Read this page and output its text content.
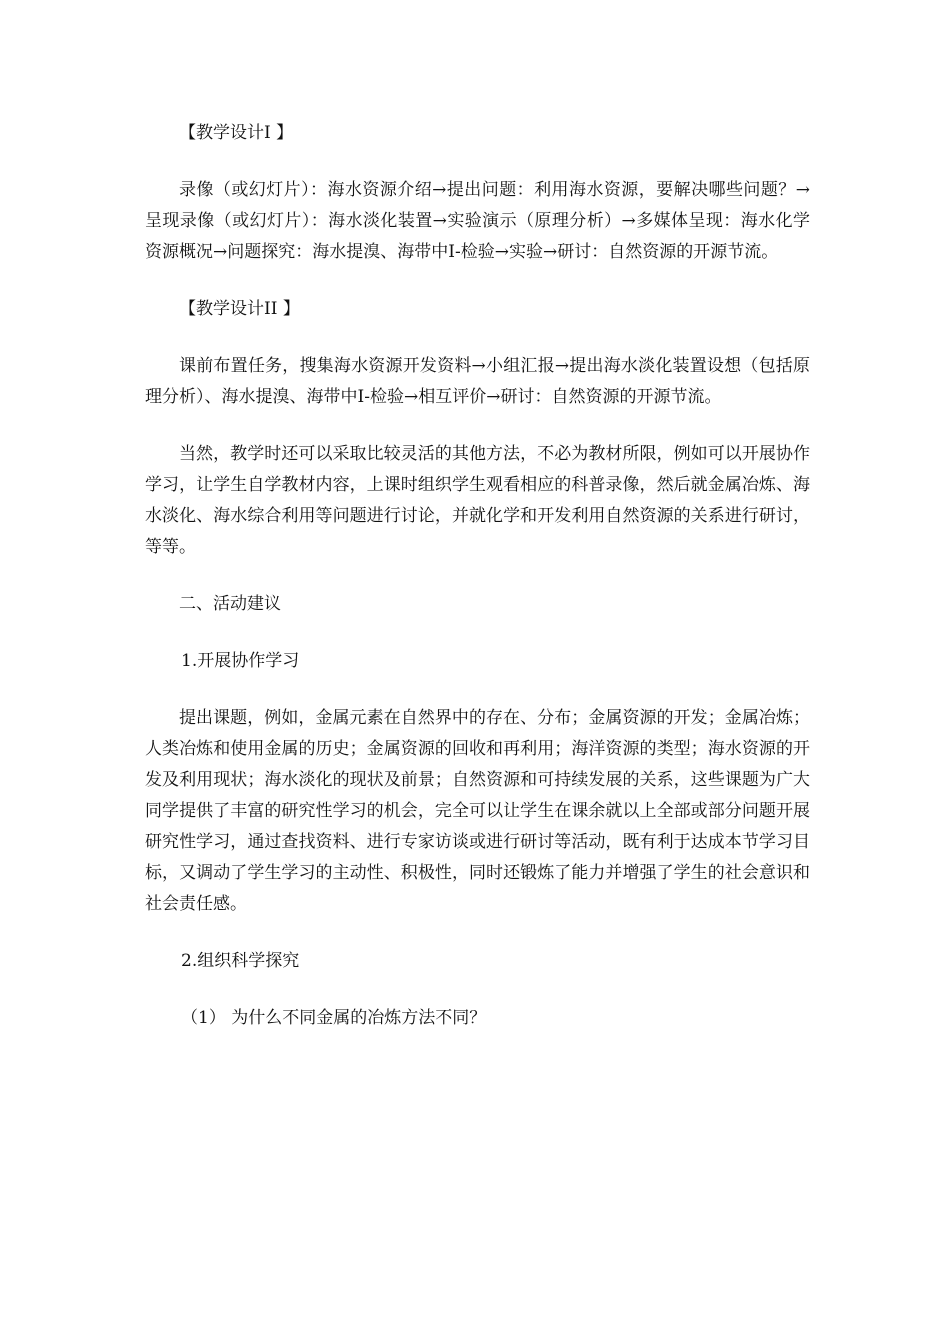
【教学设计Ⅰ 】

录像（或幻灯片）：海水资源介绍→提出问题：利用海水资源，要解决哪些问题？→呈现录像（或幻灯片）：海水淡化装置→实验演示（原理分析）→多媒体呈现：海水化学资源概况→问题探究：海水提溴、海带中Ⅰ-检验→实验→研讨：自然资源的开源节流。

【教学设计II 】

课前布置任务，搜集海水资源开发资料→小组汇报→提出海水淡化装置设想（包括原理分析）、海水提溴、海带中Ⅰ-检验→相互评价→研讨：自然资源的开源节流。

当然，教学时还可以采取比较灵活的其他方法，不必为教材所限，例如可以开展协作学习，让学生自学教材内容，上课时组织学生观看相应的科普录像，然后就金属冶炼、海水淡化、海水综合利用等问题进行讨论，并就化学和开发利用自然资源的关系进行研讨，等等。

二、活动建议

1.开展协作学习

提出课题，例如，金属元素在自然界中的存在、分布；金属资源的开发；金属冶炼；人类冶炼和使用金属的历史；金属资源的回收和再利用；海洋资源的类型；海水资源的开发及利用现状；海水淡化的现状及前景；自然资源和可持续发展的关系，这些课题为广大同学提供了丰富的研究性学习的机会，完全可以让学生在课余就以上全部或部分问题开展研究性学习，通过查找资料、进行专家访谈或进行研讨等活动，既有利于达成本节学习目标，又调动了学生学习的主动性、积极性，同时还锻炼了能力并增强了学生的社会意识和社会责任感。

2.组织科学探究

（1） 为什么不同金属的冶炼方法不同？
